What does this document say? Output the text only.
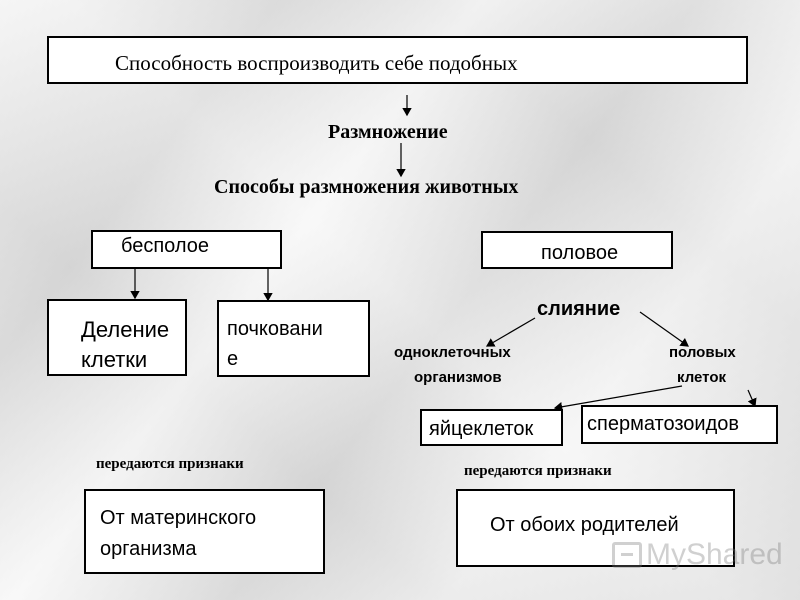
Способность воспроизводить себе подобных
Размножение
Способы размножения животных
бесполое	половое
Деление
клетки
почковани
е
слияние
одноклеточных
организмов
половых
клеток
яйцеклеток	сперматозоидов
передаются признаки	передаются признаки
От материнского
организма
От обоих родителей
MyShared
